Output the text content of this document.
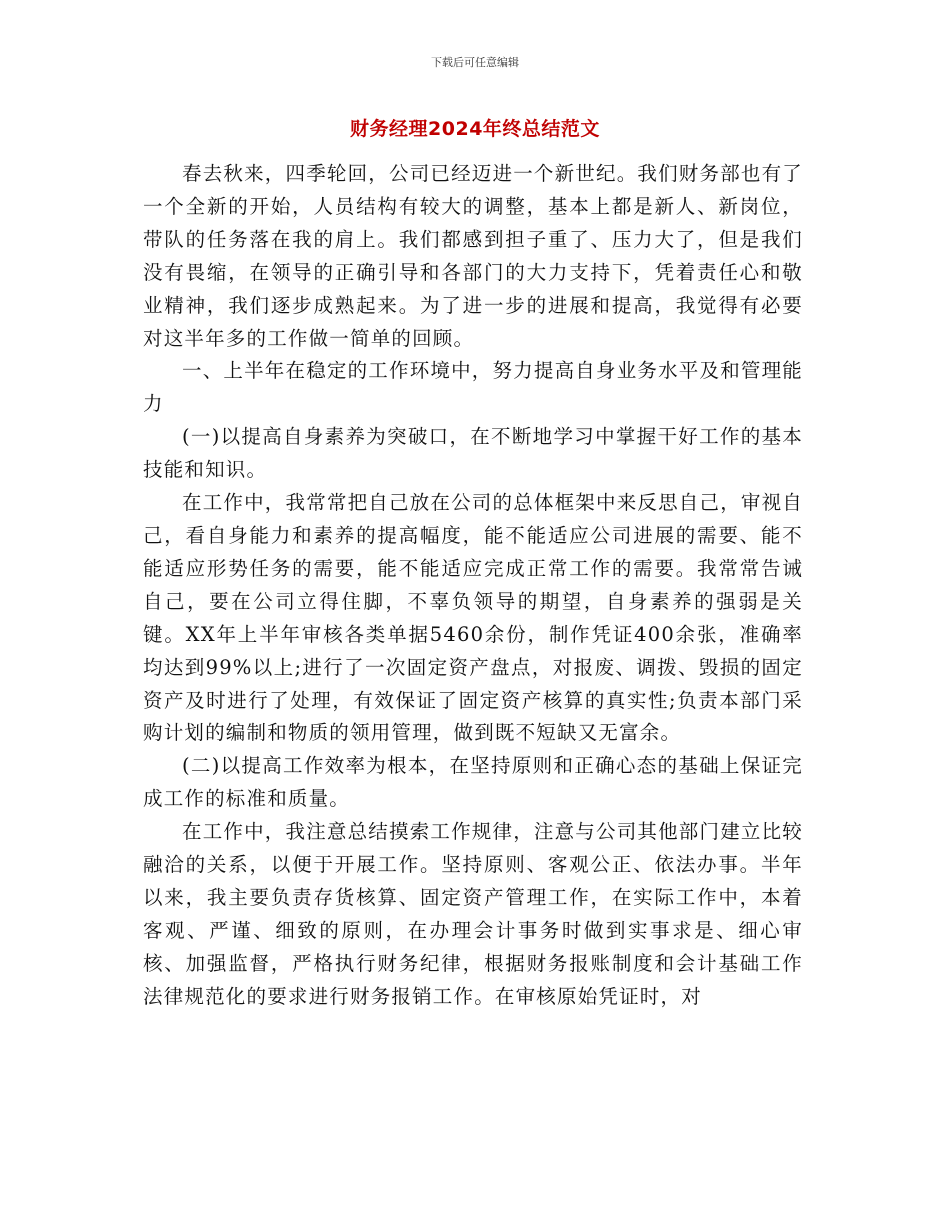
下载后可任意编辑
财务经理2024年终总结范文

春去秋来，四季轮回，公司已经迈进一个新世纪。我们财务部也有了一个全新的开始，人员结构有较大的调整，基本上都是新人、新岗位，带队的任务落在我的肩上。我们都感到担子重了、压力大了，但是我们没有畏缩，在领导的正确引导和各部门的大力支持下，凭着责任心和敬业精神，我们逐步成熟起来。为了进一步的进展和提高，我觉得有必要对这半年多的工作做一简单的回顾。

一、上半年在稳定的工作环境中，努力提高自身业务水平及和管理能力

(一)以提高自身素养为突破口，在不断地学习中掌握干好工作的基本技能和知识。

在工作中，我常常把自己放在公司的总体框架中来反思自己，审视自己，看自身能力和素养的提高幅度，能不能适应公司进展的需要、能不能适应形势任务的需要，能不能适应完成正常工作的需要。我常常告诫自己，要在公司立得住脚，不辜负领导的期望，自身素养的强弱是关键。XX年上半年审核各类单据5460余份，制作凭证400余张，准确率均达到99%以上;进行了一次固定资产盘点，对报废、调拨、毁损的固定资产及时进行了处理，有效保证了固定资产核算的真实性;负责本部门采购计划的编制和物质的领用管理，做到既不短缺又无富余。

(二)以提高工作效率为根本，在坚持原则和正确心态的基础上保证完成工作的标准和质量。

在工作中，我注意总结摸索工作规律，注意与公司其他部门建立比较融洽的关系，以便于开展工作。坚持原则、客观公正、依法办事。半年以来，我主要负责存货核算、固定资产管理工作，在实际工作中，本着客观、严谨、细致的原则，在办理会计事务时做到实事求是、细心审核、加强监督，严格执行财务纪律，根据财务报账制度和会计基础工作法律规范化的要求进行财务报销工作。在审核原始凭证时，对
